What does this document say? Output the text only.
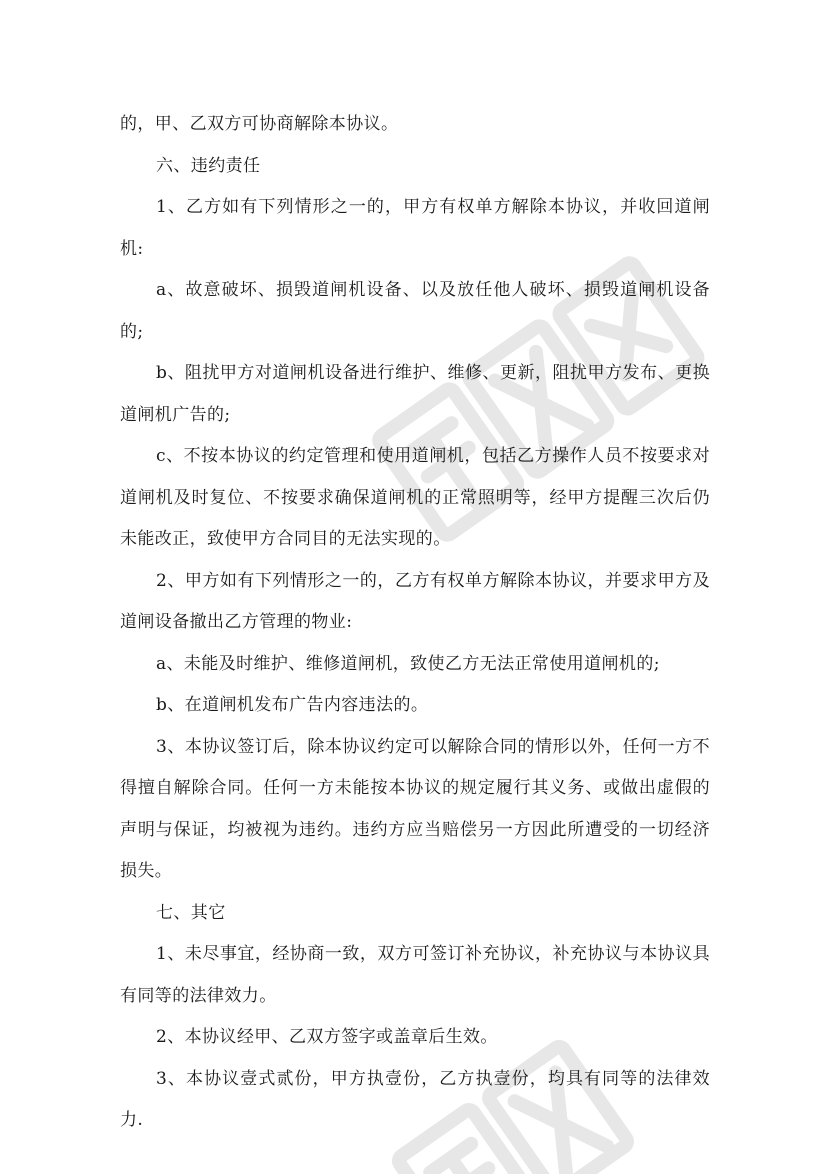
的，甲、乙双方可协商解除本协议。

六、违约责任

1、乙方如有下列情形之一的，甲方有权单方解除本协议，并收回道闸机:

a、故意破坏、损毁道闸机设备、以及放任他人破坏、损毁道闸机设备的;

b、阻扰甲方对道闸机设备进行维护、维修、更新，阻扰甲方发布、更换道闸机广告的;

c、不按本协议的约定管理和使用道闸机，包括乙方操作人员不按要求对道闸机及时复位、不按要求确保道闸机的正常照明等，经甲方提醒三次后仍未能改正，致使甲方合同目的无法实现的。

2、甲方如有下列情形之一的，乙方有权单方解除本协议，并要求甲方及道闸设备撤出乙方管理的物业:

a、未能及时维护、维修道闸机，致使乙方无法正常使用道闸机的;

b、在道闸机发布广告内容违法的。

3、本协议签订后，除本协议约定可以解除合同的情形以外，任何一方不得擅自解除合同。任何一方未能按本协议的规定履行其义务、或做出虚假的声明与保证，均被视为违约。违约方应当赔偿另一方因此所遭受的一切经济损失。

七、其它

1、未尽事宜，经协商一致，双方可签订补充协议，补充协议与本协议具有同等的法律效力。

2、本协议经甲、乙双方签字或盖章后生效。

3、本协议壹式贰份，甲方执壹份，乙方执壹份，均具有同等的法律效力.
